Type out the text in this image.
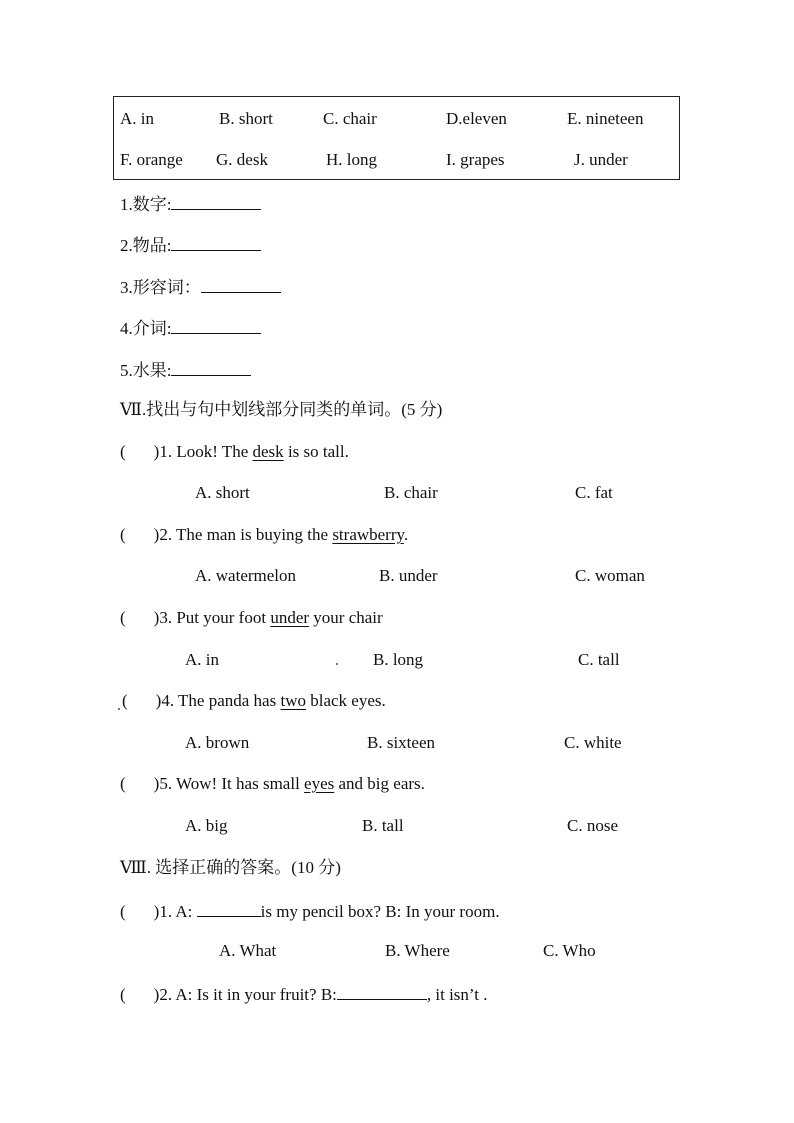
A. in	B. short	C. chair	D.eleven	E. nineteen
F. orange G. desk	H. long	I. grapes	J. under
1.数字:
2.物品:
3.形容词：
4.介词:
5.水果:
Ⅶ.找出与句中划线部分同类的单词。(5 分)
( )1. Look! The desk is so tall.
A. short	B. chair	C. fat
( )2. The man is buying the strawberry.
A. watermelon	B. under	C. woman
( )3. Put your foot under your chair
A. in	B. long	C. tall
( )4. The panda has two black eyes.
A. brown	B. sixteen	C. white
( )5. Wow! It has small eyes and big ears.
A. big	B. tall	C. nose
Ⅷ. 选择正确的答案。(10 分)
( )1. A:	is my pencil box? B: In your room.
A. What	B. Where	C. Who
( )2. A: Is it in your fruit? B:	, it isn’t .
